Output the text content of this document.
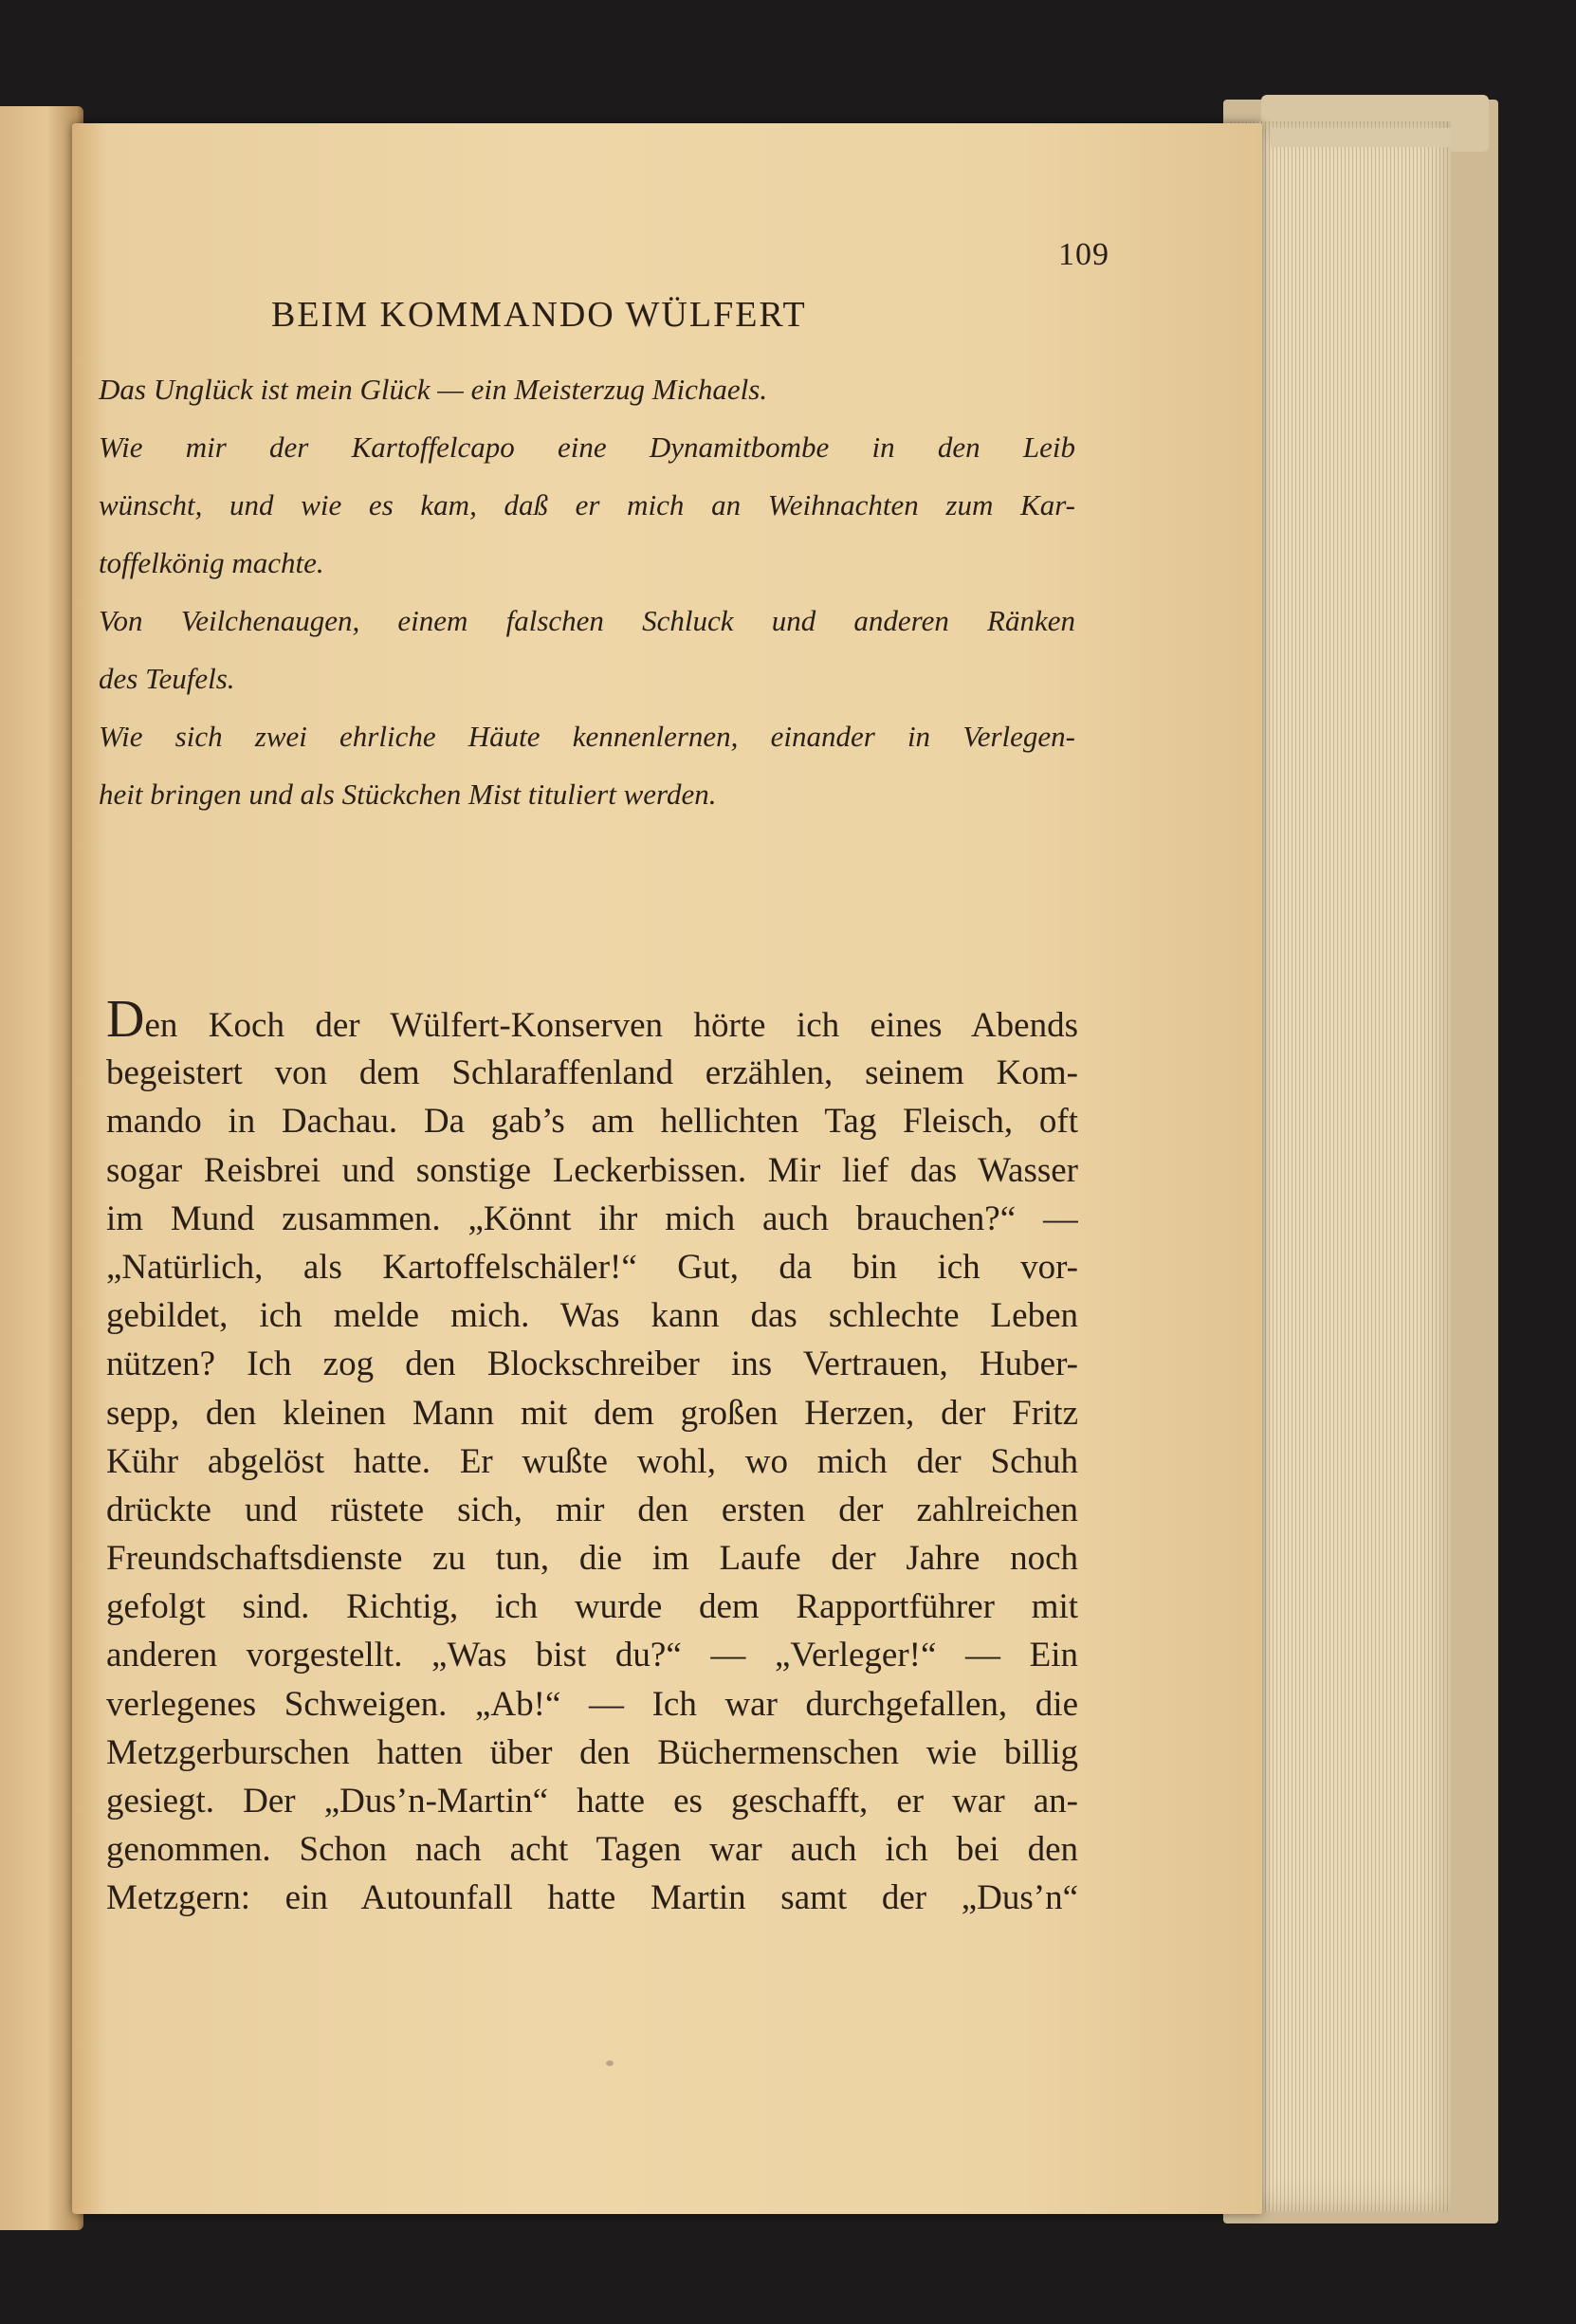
109
BEIM KOMMANDO WÜLFERT
Das Unglück ist mein Glück — ein Meisterzug Michaels.
Wie mir der Kartoffelcapo eine Dynamitbombe in den Leib
wünscht, und wie es kam, daß er mich an Weihnachten zum Kar-
toffelkönig machte.
Von Veilchenaugen, einem falschen Schluck und anderen Ränken
des Teufels.
Wie sich zwei ehrliche Häute kennenlernen, einander in Verlegen-
heit bringen und als Stückchen Mist tituliert werden.
Den Koch der Wülfert-Konserven hörte ich eines Abends
begeistert von dem Schlaraffenland erzählen, seinem Kom-
mando in Dachau. Da gab’s am hellichten Tag Fleisch, oft
sogar Reisbrei und sonstige Leckerbissen. Mir lief das Wasser
im Mund zusammen. „Könnt ihr mich auch brauchen?“ —
„Natürlich, als Kartoffelschäler!“ Gut, da bin ich vor-
gebildet, ich melde mich. Was kann das schlechte Leben
nützen? Ich zog den Blockschreiber ins Vertrauen, Huber-
sepp, den kleinen Mann mit dem großen Herzen, der Fritz
Kühr abgelöst hatte. Er wußte wohl, wo mich der Schuh
drückte und rüstete sich, mir den ersten der zahlreichen
Freundschaftsdienste zu tun, die im Laufe der Jahre noch
gefolgt sind. Richtig, ich wurde dem Rapportführer mit
anderen vorgestellt. „Was bist du?“ — „Verleger!“ — Ein
verlegenes Schweigen. „Ab!“ — Ich war durchgefallen, die
Metzgerburschen hatten über den Büchermenschen wie billig
gesiegt. Der „Dus’n-Martin“ hatte es geschafft, er war an-
genommen. Schon nach acht Tagen war auch ich bei den
Metzgern: ein Autounfall hatte Martin samt der „Dus’n“
